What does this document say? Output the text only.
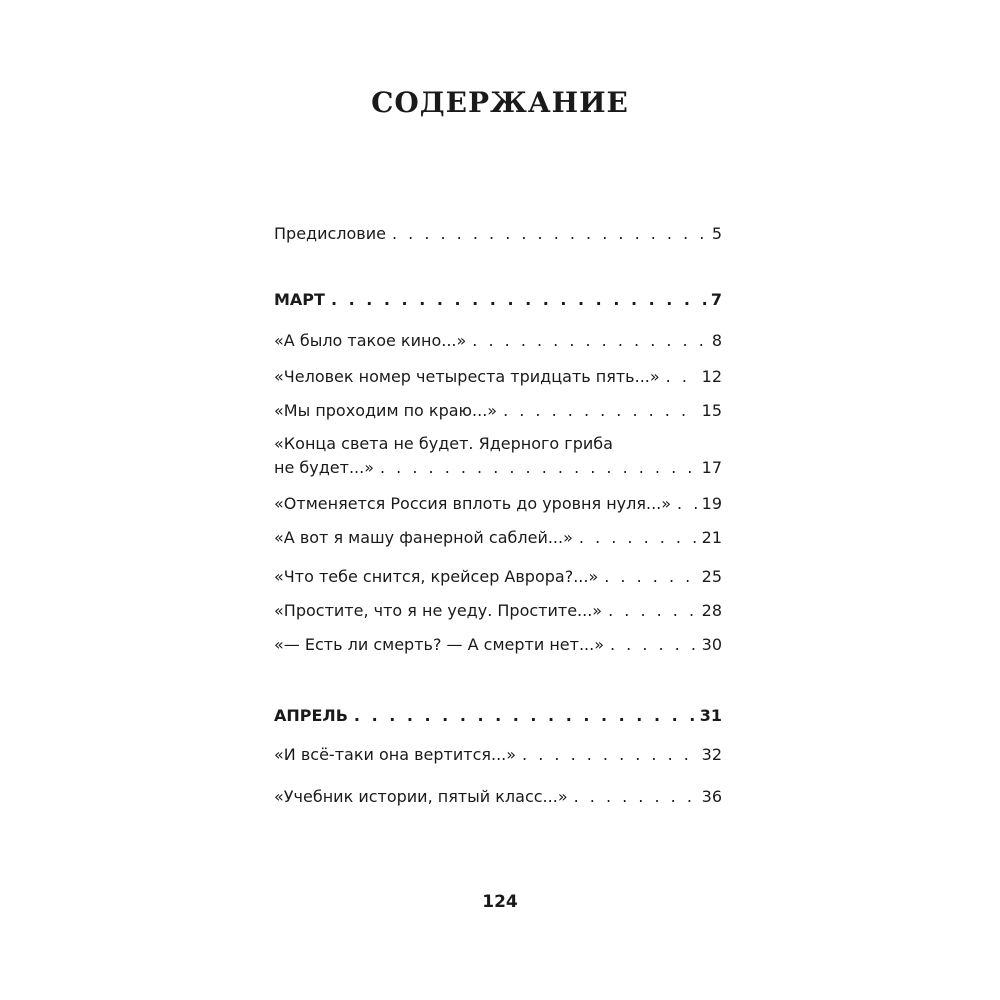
СОДЕРЖАНИЕ
Предисловие . . .	5
МАРТ . . .	7
«А было такое кино...» . . .	8
«Человек номер четыреста тридцать пять...» . . .	12
«Мы проходим по краю...» . . .	15
«Конца света не будет. Ядерного гриба
не будет...» . . .	17
«Отменяется Россия вплоть до уровня нуля...» . . . 19
«А вот я машу фанерной саблей...» . . .	21
«Что тебе снится, крейсер Аврора?...» . . .	25
«Простите, что я не уеду. Простите...» . . .	28
«— Есть ли смерть? — А смерти нет...» . . .	30
АПРЕЛЬ . . .	31
«И всё-таки она вертится...» . . .	32
«Учебник истории, пятый класс...» . . .	36
124
